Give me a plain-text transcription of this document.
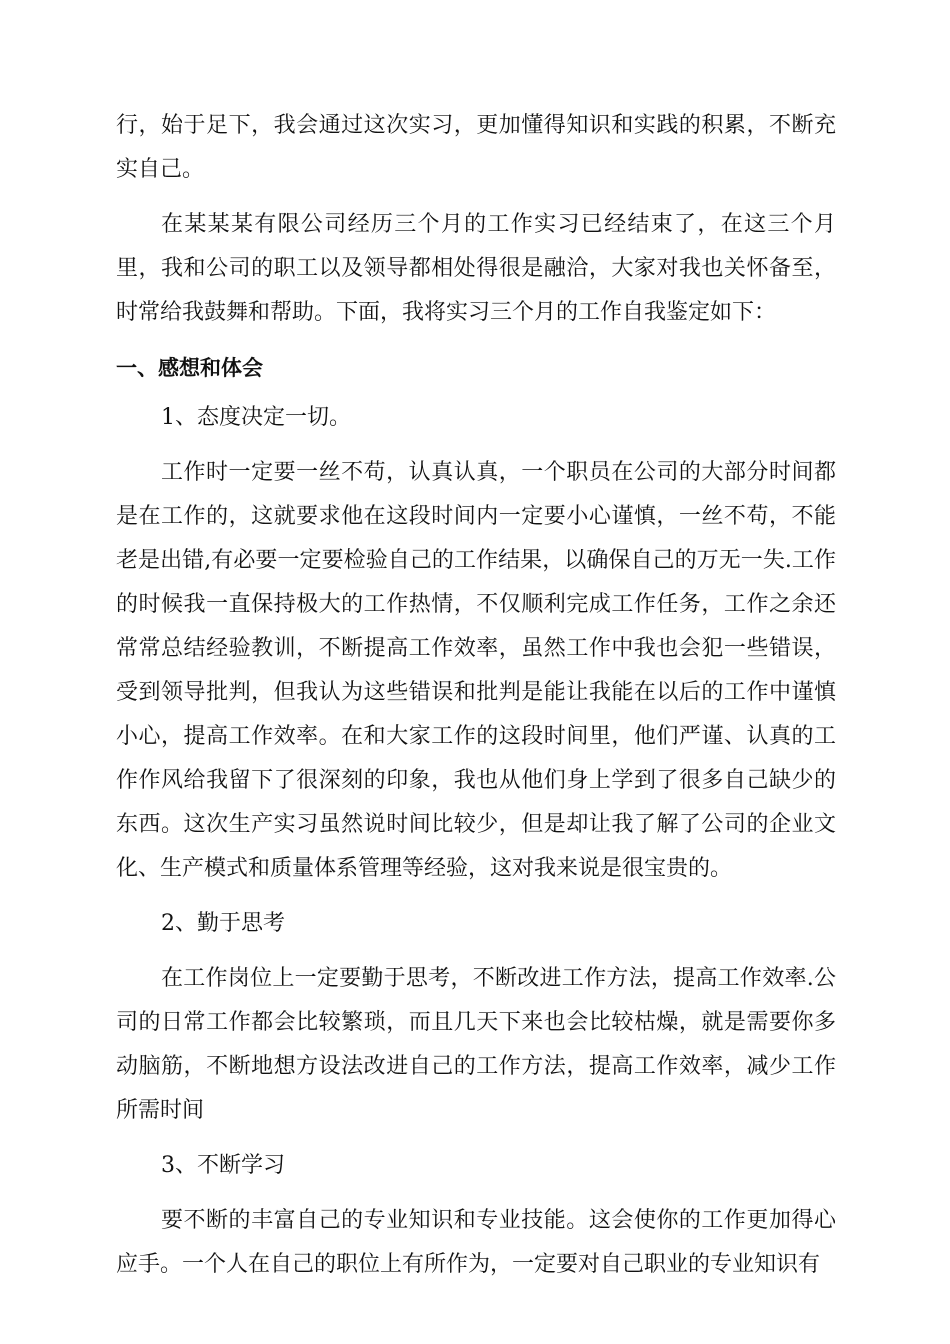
行，始于足下，我会通过这次实习，更加懂得知识和实践的积累，不断充实自己。

在某某某有限公司经历三个月的工作实习已经结束了，在这三个月里，我和公司的职工以及领导都相处得很是融洽，大家对我也关怀备至，时常给我鼓舞和帮助。下面，我将实习三个月的工作自我鉴定如下：

一、感想和体会

1、态度决定一切。

工作时一定要一丝不苟，认真认真，一个职员在公司的大部分时间都是在工作的，这就要求他在这段时间内一定要小心谨慎，一丝不苟，不能老是出错,有必要一定要检验自己的工作结果，以确保自己的万无一失.工作的时候我一直保持极大的工作热情，不仅顺利完成工作任务，工作之余还常常总结经验教训，不断提高工作效率，虽然工作中我也会犯一些错误，受到领导批判，但我认为这些错误和批判是能让我能在以后的工作中谨慎小心，提高工作效率。在和大家工作的这段时间里，他们严谨、认真的工作作风给我留下了很深刻的印象，我也从他们身上学到了很多自己缺少的东西。这次生产实习虽然说时间比较少，但是却让我了解了公司的企业文化、生产模式和质量体系管理等经验，这对我来说是很宝贵的。

2、勤于思考

在工作岗位上一定要勤于思考，不断改进工作方法，提高工作效率.公司的日常工作都会比较繁琐，而且几天下来也会比较枯燥，就是需要你多动脑筋，不断地想方设法改进自己的工作方法，提高工作效率，减少工作所需时间

3、不断学习

要不断的丰富自己的专业知识和专业技能。这会使你的工作更加得心应手。一个人在自己的职位上有所作为，一定要对自己职业的专业知识有
